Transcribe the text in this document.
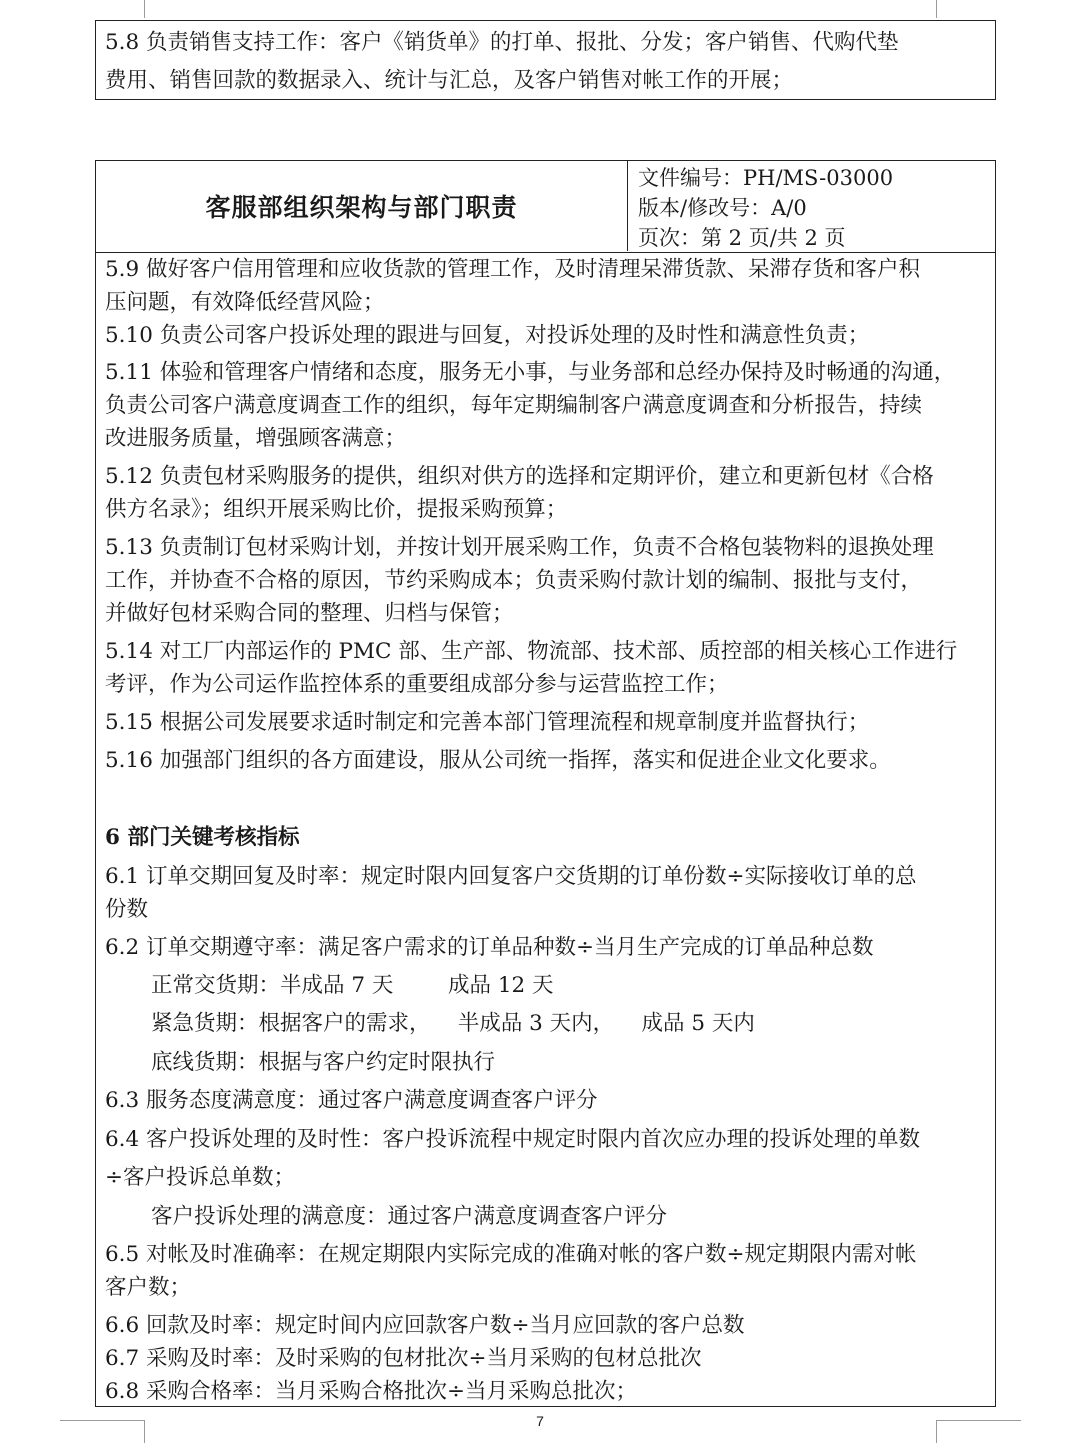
5.8 负责销售支持工作：客户《销货单》的打单、报批、分发；客户销售、代购代垫
费用、销售回款的数据录入、统计与汇总，及客户销售对帐工作的开展；
客服部组织架构与部门职责
文件编号：PH/MS-03000
版本/修改号：A/0
页次：第 2 页/共 2 页
5.9 做好客户信用管理和应收货款的管理工作，及时清理呆滞货款、呆滞存货和客户积
压问题，有效降低经营风险；
5.10 负责公司客户投诉处理的跟进与回复，对投诉处理的及时性和满意性负责；
5.11 体验和管理客户情绪和态度，服务无小事，与业务部和总经办保持及时畅通的沟通，
负责公司客户满意度调查工作的组织，每年定期编制客户满意度调查和分析报告，持续
改进服务质量，增强顾客满意；
5.12 负责包材采购服务的提供，组织对供方的选择和定期评价，建立和更新包材《合格
供方名录》；组织开展采购比价，提报采购预算；
5.13 负责制订包材采购计划，并按计划开展采购工作，负责不合格包装物料的退换处理
工作，并协查不合格的原因，节约采购成本；负责采购付款计划的编制、报批与支付，
并做好包材采购合同的整理、归档与保管；
5.14 对工厂内部运作的 PMC 部、生产部、物流部、技术部、质控部的相关核心工作进行
考评，作为公司运作监控体系的重要组成部分参与运营监控工作；
5.15 根据公司发展要求适时制定和完善本部门管理流程和规章制度并监督执行；
5.16 加强部门组织的各方面建设，服从公司统一指挥，落实和促进企业文化要求。
6 部门关键考核指标
6.1 订单交期回复及时率：规定时限内回复客户交货期的订单份数÷实际接收订单的总
份数
6.2 订单交期遵守率：满足客户需求的订单品种数÷当月生产完成的订单品种总数
正常交货期：半成品 7 天        成品 12 天
紧急货期：根据客户的需求，    半成品 3 天内，    成品 5 天内
底线货期：根据与客户约定时限执行
6.3 服务态度满意度：通过客户满意度调查客户评分
6.4 客户投诉处理的及时性：客户投诉流程中规定时限内首次应办理的投诉处理的单数
÷客户投诉总单数；
客户投诉处理的满意度：通过客户满意度调查客户评分
6.5 对帐及时准确率：在规定期限内实际完成的准确对帐的客户数÷规定期限内需对帐
客户数；
6.6 回款及时率：规定时间内应回款客户数÷当月应回款的客户总数
6.7 采购及时率：及时采购的包材批次÷当月采购的包材总批次
6.8 采购合格率：当月采购合格批次÷当月采购总批次；
7
